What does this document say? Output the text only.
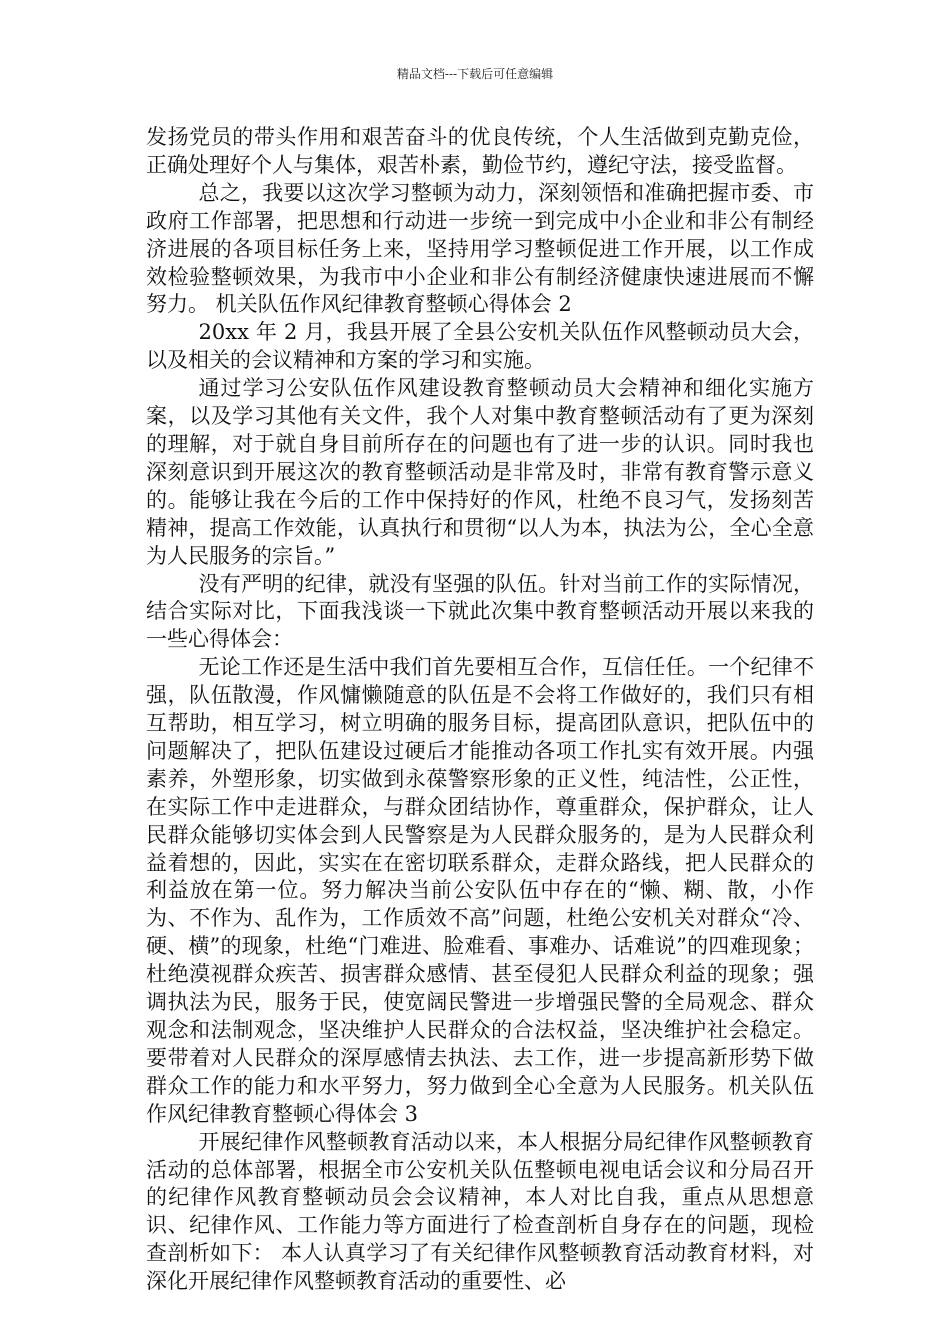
精品文档---下载后可任意编辑

发扬党员的带头作用和艰苦奋斗的优良传统，个人生活做到克勤克俭，正确处理好个人与集体，艰苦朴素，勤俭节约，遵纪守法，接受监督。

总之，我要以这次学习整顿为动力，深刻领悟和准确把握市委、市政府工作部署，把思想和行动进一步统一到完成中小企业和非公有制经济进展的各项目标任务上来，坚持用学习整顿促进工作开展，以工作成效检验整顿效果，为我市中小企业和非公有制经济健康快速进展而不懈努力。 机关队伍作风纪律教育整顿心得体会 2

20xx 年 2 月，我县开展了全县公安机关队伍作风整顿动员大会，以及相关的会议精神和方案的学习和实施。

通过学习公安队伍作风建设教育整顿动员大会精神和细化实施方案，以及学习其他有关文件，我个人对集中教育整顿活动有了更为深刻的理解，对于就自身目前所存在的问题也有了进一步的认识。同时我也深刻意识到开展这次的教育整顿活动是非常及时，非常有教育警示意义的。能够让我在今后的工作中保持好的作风，杜绝不良习气，发扬刻苦精神，提高工作效能，认真执行和贯彻“以人为本，执法为公，全心全意为人民服务的宗旨。”

没有严明的纪律，就没有坚强的队伍。针对当前工作的实际情况，结合实际对比，下面我浅谈一下就此次集中教育整顿活动开展以来我的一些心得体会：

无论工作还是生活中我们首先要相互合作，互信任任。一个纪律不强，队伍散漫，作风慵懒随意的队伍是不会将工作做好的，我们只有相互帮助，相互学习，树立明确的服务目标，提高团队意识，把队伍中的问题解决了，把队伍建设过硬后才能推动各项工作扎实有效开展。内强素养，外塑形象，切实做到永葆警察形象的正义性，纯洁性，公正性，在实际工作中走进群众，与群众团结协作，尊重群众，保护群众，让人民群众能够切实体会到人民警察是为人民群众服务的，是为人民群众利益着想的，因此，实实在在密切联系群众，走群众路线，把人民群众的利益放在第一位。努力解决当前公安队伍中存在的“懒、糊、散，小作为、不作为、乱作为，工作质效不高”问题，杜绝公安机关对群众“冷、硬、横”的现象，杜绝“门难进、脸难看、事难办、话难说”的四难现象；杜绝漠视群众疾苦、损害群众感情、甚至侵犯人民群众利益的现象；强调执法为民，服务于民，使宽阔民警进一步增强民警的全局观念、群众观念和法制观念，坚决维护人民群众的合法权益，坚决维护社会稳定。要带着对人民群众的深厚感情去执法、去工作，进一步提高新形势下做群众工作的能力和水平努力，努力做到全心全意为人民服务。机关队伍作风纪律教育整顿心得体会 3

开展纪律作风整顿教育活动以来，本人根据分局纪律作风整顿教育活动的总体部署，根据全市公安机关队伍整顿电视电话会议和分局召开的纪律作风教育整顿动员会会议精神，本人对比自我，重点从思想意识、纪律作风、工作能力等方面进行了检查剖析自身存在的问题，现检查剖析如下： 本人认真学习了有关纪律作风整顿教育活动教育材料，对深化开展纪律作风整顿教育活动的重要性、必
